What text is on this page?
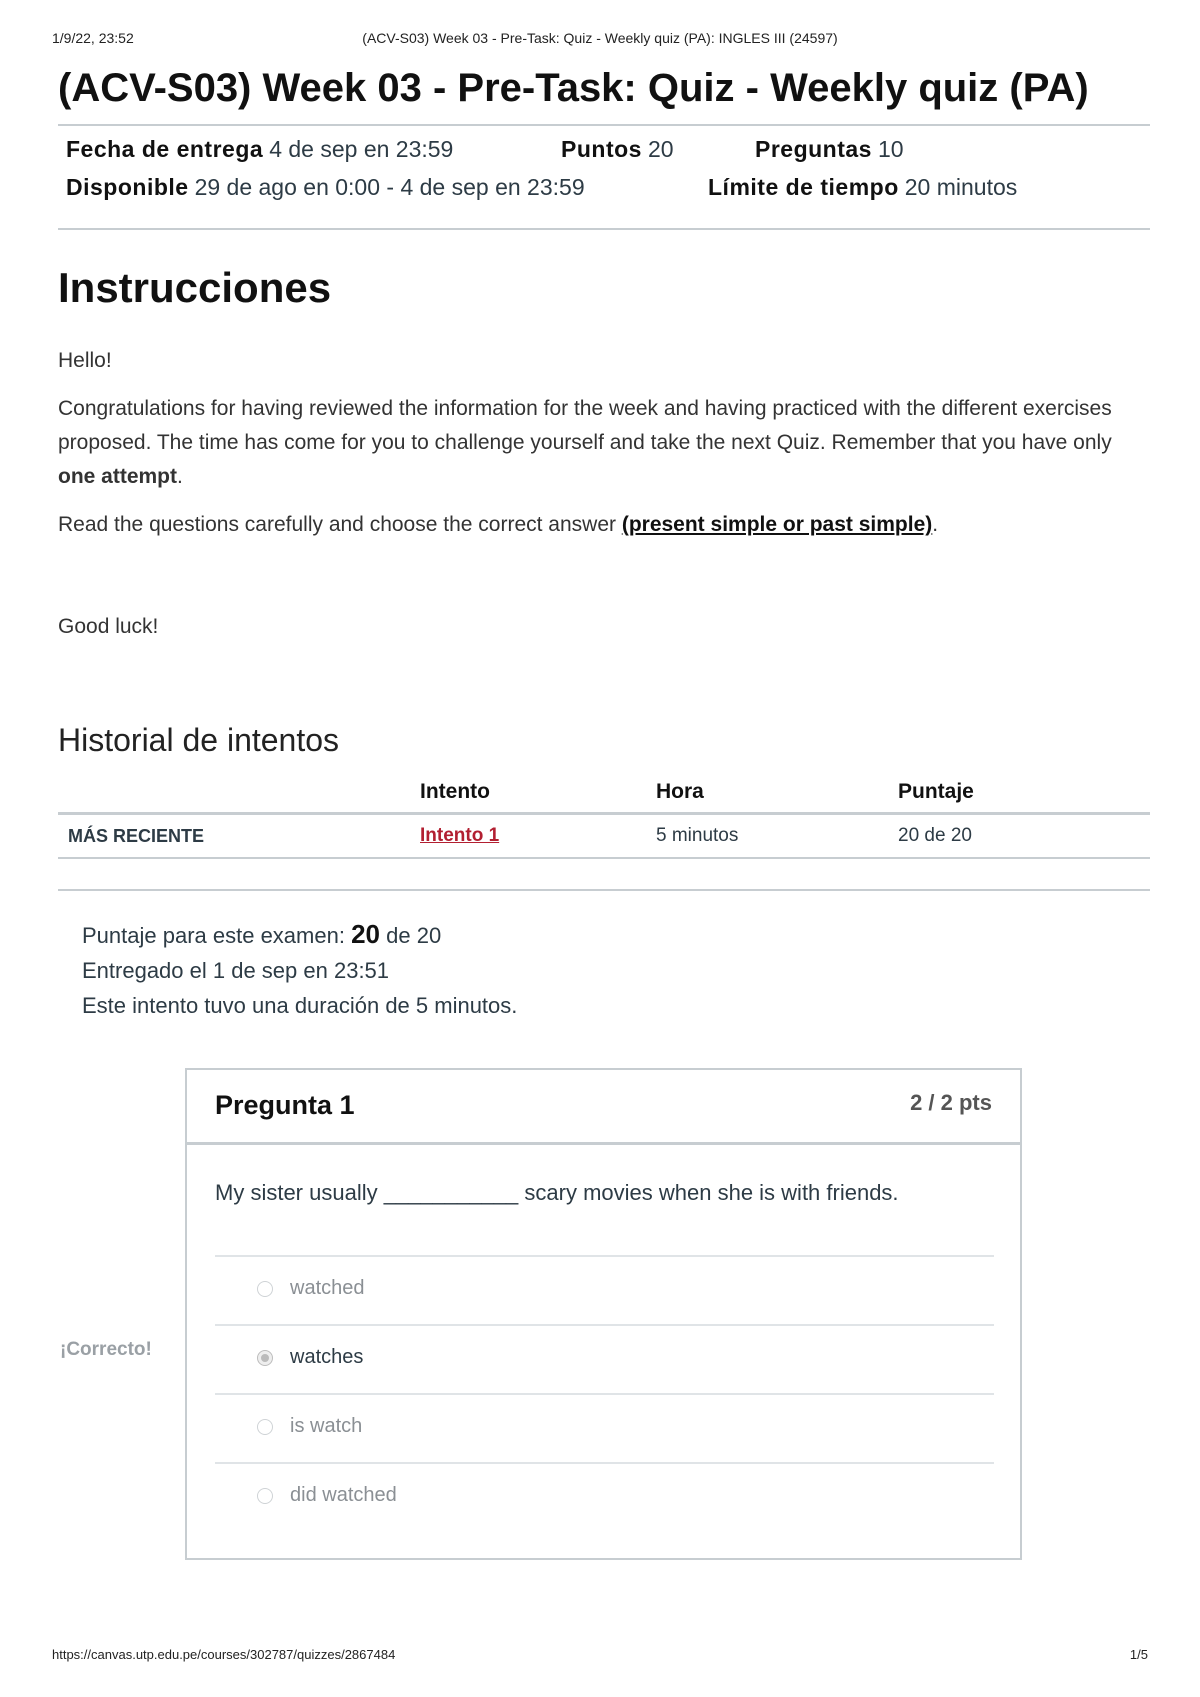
1/9/22, 23:52	(ACV-S03) Week 03 - Pre-Task: Quiz - Weekly quiz (PA): INGLES III (24597)
(ACV-S03) Week 03 - Pre-Task: Quiz - Weekly quiz (PA)
Fecha de entrega 4 de sep en 23:59	Puntos 20	Preguntas 10
Disponible 29 de ago en 0:00 - 4 de sep en 23:59	Límite de tiempo 20 minutos
Instrucciones

Hello!

Congratulations for having reviewed the information for the week and having practiced with the different exercises proposed. The time has come for you to challenge yourself and take the next Quiz. Remember that you have only one attempt.

Read the questions carefully and choose the correct answer (present simple or past simple).

Good luck!

Historial de intentos
	Intento	Hora	Puntaje
MÁS RECIENTE	Intento 1	5 minutos	20 de 20
Puntaje para este examen: 20 de 20
Entregado el 1 de sep en 23:51
Este intento tuvo una duración de 5 minutos.
¡Correcto!
Pregunta 1	2 / 2 pts
My sister usually ___________ scary movies when she is with friends.
watched
watches
is watch
did watched
https://canvas.utp.edu.pe/courses/302787/quizzes/2867484	1/5
